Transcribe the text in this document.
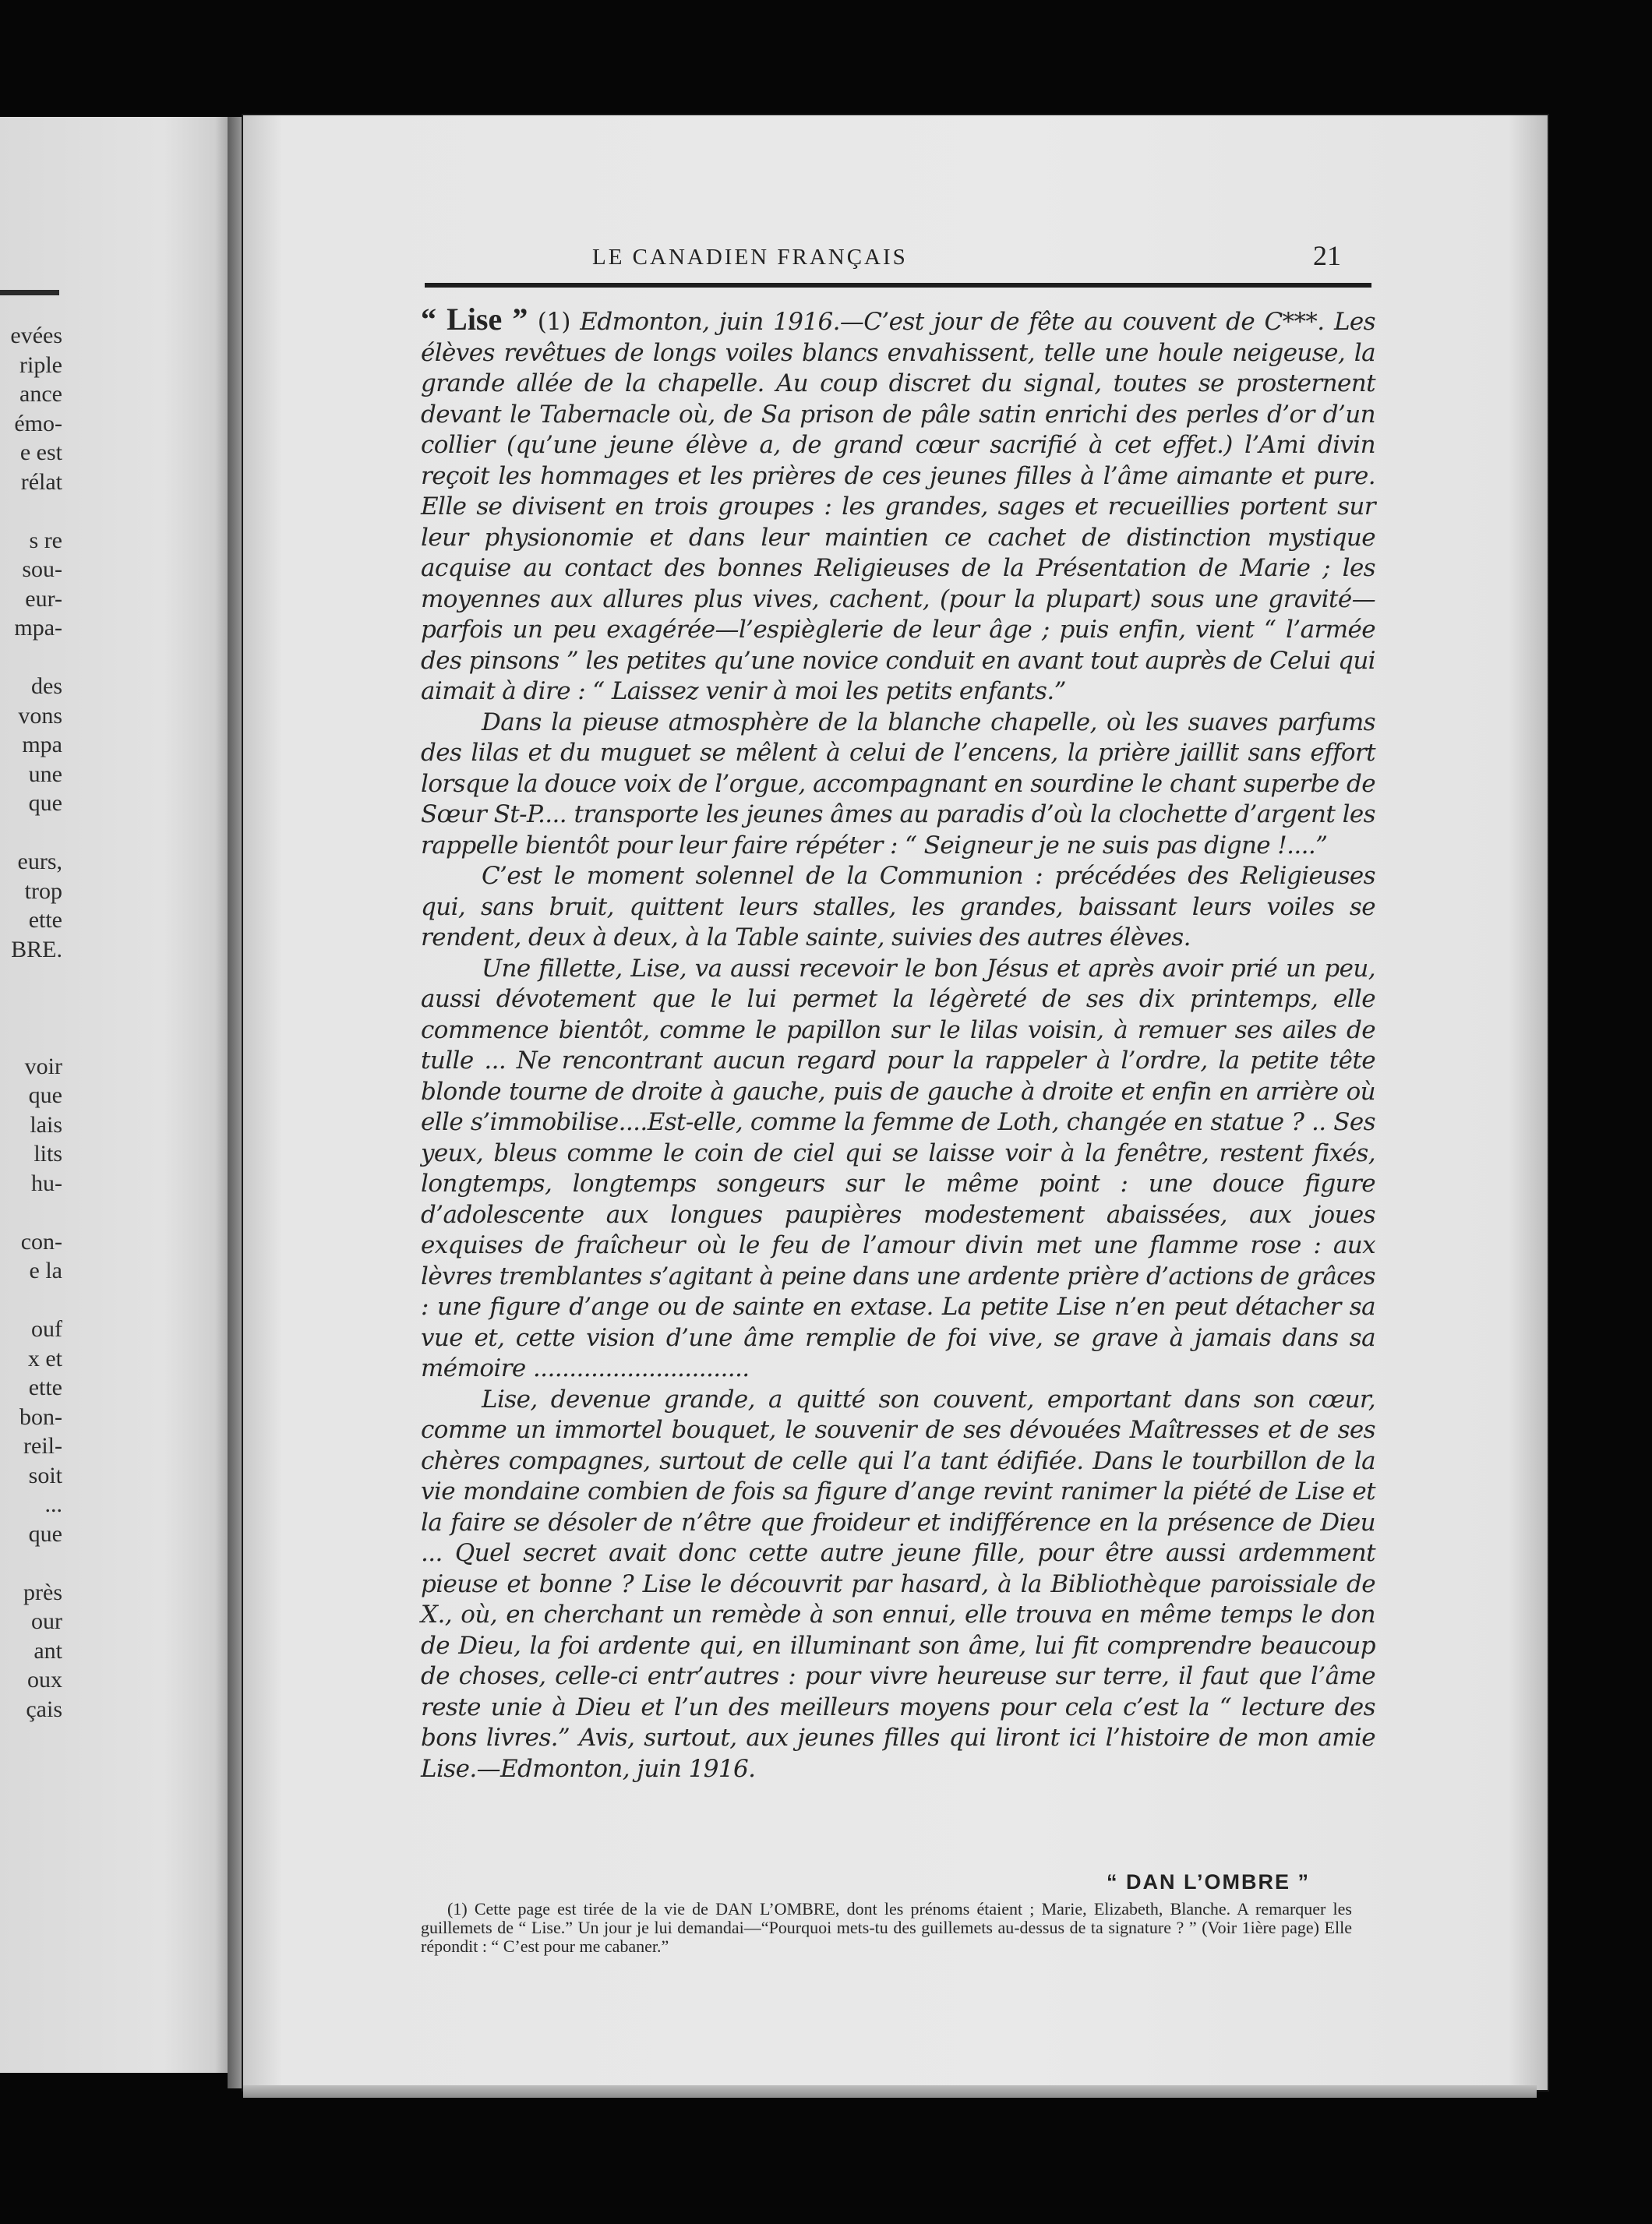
evées
riple
ance
émo-
e est
rélat
s re
sou-
eur-
mpa-
des
vons
mpa
une
que
eurs,
trop
ette
BRE.
voir
que
lais
lits
hu-
con-
e la
ouf
x et
ette
bon-
reil-
soit
...
que
près
our
ant
oux
çais
LE CANADIEN FRANÇAIS	21

“ Lise ” (1) Edmonton, juin 1916.—C’est jour de fête au couvent de C***. Les élèves revêtues de longs voiles blancs envahissent, telle une houle neigeuse, la grande allée de la chapelle. Au coup discret du signal, toutes se prosternent devant le Tabernacle où, de Sa prison de pâle satin enrichi des perles d’or d’un collier (qu’une jeune élève a, de grand cœur sacrifié à cet effet.) l’Ami divin reçoit les hommages et les prières de ces jeunes filles à l’âme aimante et pure. Elle se divisent en trois groupes : les grandes, sages et recueillies portent sur leur physionomie et dans leur maintien ce cachet de distinction mystique acquise au contact des bonnes Religieuses de la Présentation de Marie ; les moyennes aux allures plus vives, cachent, (pour la plupart) sous une gravité—parfois un peu exagérée—l’espièglerie de leur âge ; puis enfin, vient “ l’armée des pinsons ” les petites qu’une novice conduit en avant tout auprès de Celui qui aimait à dire : “ Laissez venir à moi les petits enfants.”

Dans la pieuse atmosphère de la blanche chapelle, où les suaves parfums des lilas et du muguet se mêlent à celui de l’encens, la prière jaillit sans effort lorsque la douce voix de l’orgue, accompagnant en sourdine le chant superbe de Sœur St-P.... transporte les jeunes âmes au paradis d’où la clochette d’argent les rappelle bientôt pour leur faire répéter : “ Seigneur je ne suis pas digne !....”

C’est le moment solennel de la Communion : précédées des Religieuses qui, sans bruit, quittent leurs stalles, les grandes, baissant leurs voiles se rendent, deux à deux, à la Table sainte, suivies des autres élèves.

Une fillette, Lise, va aussi recevoir le bon Jésus et après avoir prié un peu, aussi dévotement que le lui permet la légèreté de ses dix printemps, elle commence bientôt, comme le papillon sur le lilas voisin, à remuer ses ailes de tulle ... Ne rencontrant aucun regard pour la rappeler à l’ordre, la petite tête blonde tourne de droite à gauche, puis de gauche à droite et enfin en arrière où elle s’immobilise....Est-elle, comme la femme de Loth, changée en statue ? .. Ses yeux, bleus comme le coin de ciel qui se laisse voir à la fenêtre, restent fixés, longtemps, longtemps songeurs sur le même point : une douce figure d’adolescente aux longues paupières modestement abaissées, aux joues exquises de fraîcheur où le feu de l’amour divin met une flamme rose : aux lèvres tremblantes s’agitant à peine dans une ardente prière d’actions de grâces : une figure d’ange ou de sainte en extase. La petite Lise n’en peut détacher sa vue et, cette vision d’une âme remplie de foi vive, se grave à jamais dans sa mémoire ..............................

Lise, devenue grande, a quitté son couvent, emportant dans son cœur, comme un immortel bouquet, le souvenir de ses dévouées Maîtresses et de ses chères compagnes, surtout de celle qui l’a tant édifiée. Dans le tourbillon de la vie mondaine combien de fois sa figure d’ange revint ranimer la piété de Lise et la faire se désoler de n’être que froideur et indifférence en la présence de Dieu ... Quel secret avait donc cette autre jeune fille, pour être aussi ardemment pieuse et bonne ? Lise le découvrit par hasard, à la Bibliothèque paroissiale de X., où, en cherchant un remède à son ennui, elle trouva en même temps le don de Dieu, la foi ardente qui, en illuminant son âme, lui fit comprendre beaucoup de choses, celle-ci entr’autres : pour vivre heureuse sur terre, il faut que l’âme reste unie à Dieu et l’un des meilleurs moyens pour cela c’est la “ lecture des bons livres.” Avis, surtout, aux jeunes filles qui liront ici l’histoire de mon amie Lise.—Edmonton, juin 1916.

“ DAN L’OMBRE ”

(1) Cette page est tirée de la vie de DAN L’OMBRE, dont les prénoms étaient ; Marie, Elizabeth, Blanche. A remarquer les guillemets de “ Lise.” Un jour je lui demandai—“Pourquoi mets-tu des guillemets au-dessus de ta signature ? ” (Voir 1ière page) Elle répondit : “ C’est pour me cabaner.”
